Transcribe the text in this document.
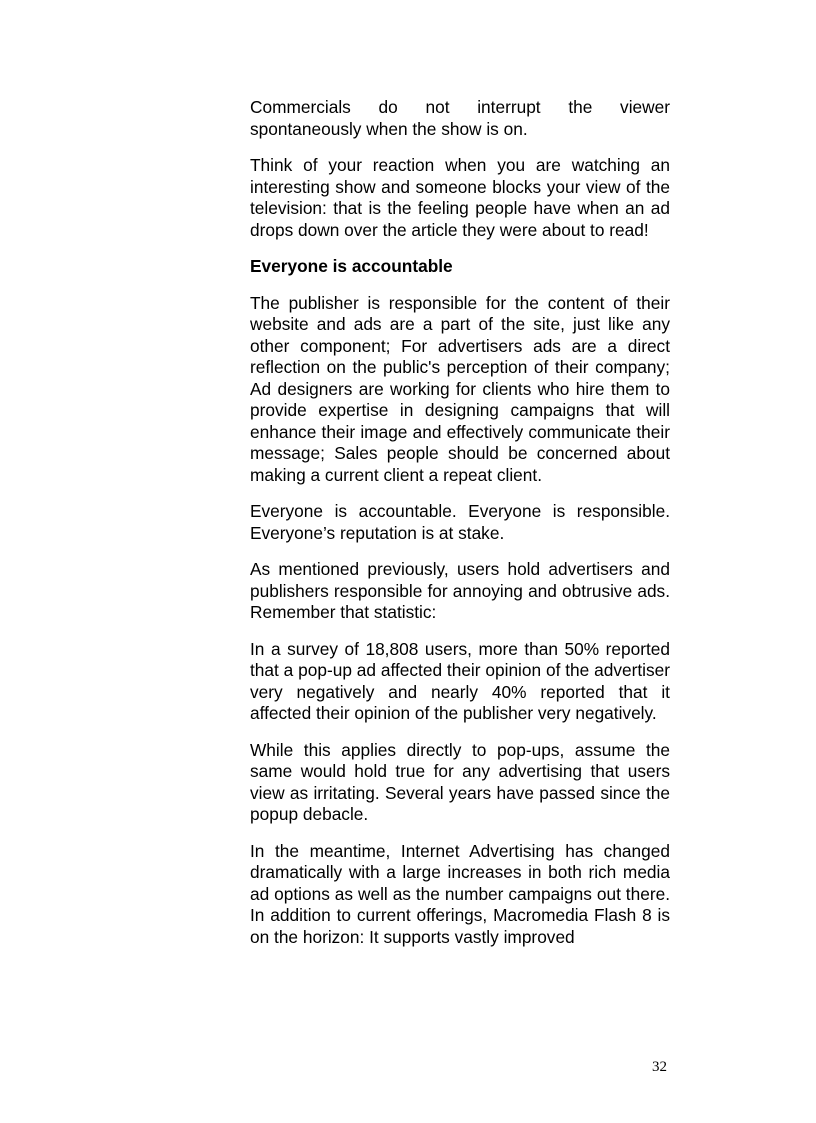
Commercials do not interrupt the viewer spontaneously when the show is on.

Think of your reaction when you are watching an interesting show and someone blocks your view of the television: that is the feeling people have when an ad drops down over the article they were about to read!

Everyone is accountable

The publisher is responsible for the content of their website and ads are a part of the site, just like any other component; For advertisers ads are a direct reflection on the public's perception of their company; Ad designers are working for clients who hire them to provide expertise in designing campaigns that will enhance their image and effectively communicate their message; Sales people should be concerned about making a current client a repeat client.

Everyone is accountable. Everyone is responsible. Everyone’s reputation is at stake.

As mentioned previously, users hold advertisers and publishers responsible for annoying and obtrusive ads. Remember that statistic:

In a survey of 18,808 users, more than 50% reported that a pop-up ad affected their opinion of the advertiser very negatively and nearly 40% reported that it affected their opinion of the publisher very negatively.

While this applies directly to pop-ups, assume the same would hold true for any advertising that users view as irritating. Several years have passed since the popup debacle.

In the meantime, Internet Advertising has changed dramatically with a large increases in both rich media ad options as well as the number campaigns out there. In addition to current offerings, Macromedia Flash 8 is on the horizon: It supports vastly improved

32
